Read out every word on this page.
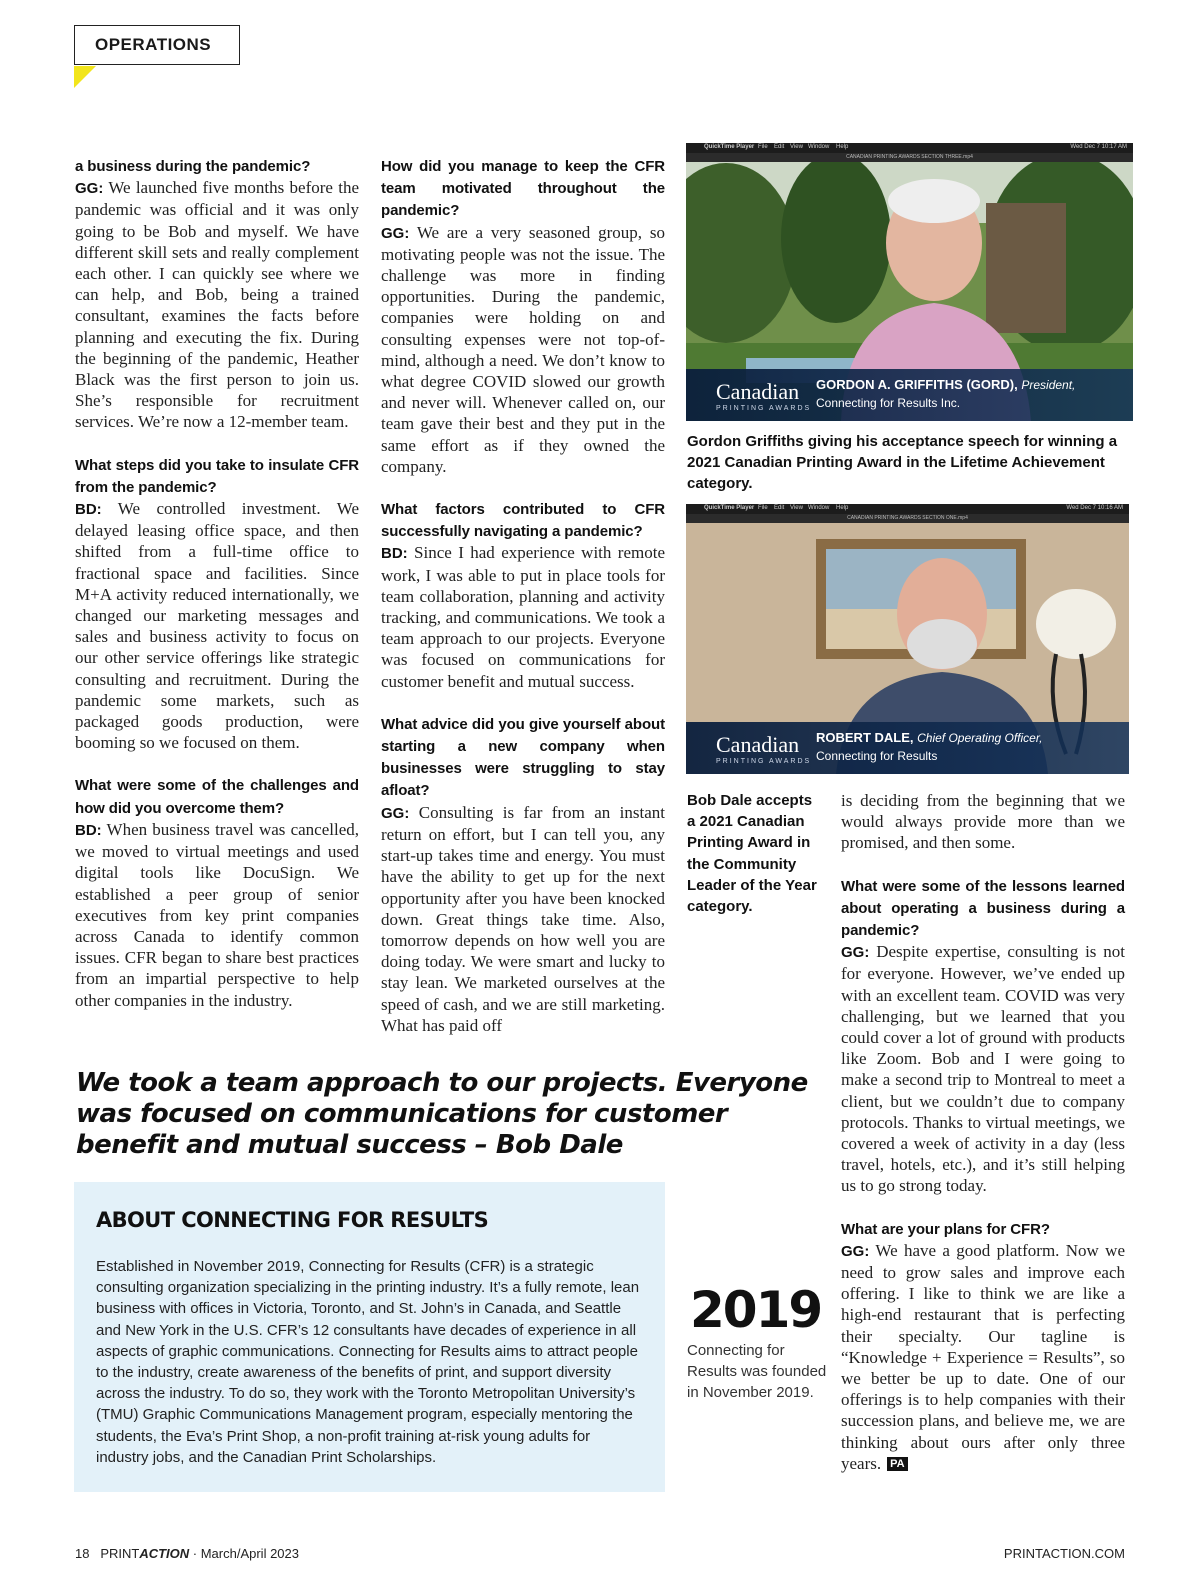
OPERATIONS

a business during the pandemic?
GG: We launched five months before the pandemic was official and it was only going to be Bob and myself. We have different skill sets and really complement each other. I can quickly see where we can help, and Bob, being a trained consultant, examines the facts before planning and executing the fix. During the beginning of the pandemic, Heather Black was the first person to join us. She’s responsible for recruitment services. We’re now a 12-member team.

What steps did you take to insulate CFR from the pandemic?
BD: We controlled investment. We delayed leasing office space, and then shifted from a full-time office to fractional space and facilities. Since M+A activity reduced internationally, we changed our marketing messages and sales and business activity to focus on our other service offerings like strategic consulting and recruitment. During the pandemic some markets, such as packaged goods production, were booming so we focused on them.

What were some of the challenges and how did you overcome them?
BD: When business travel was cancelled, we moved to virtual meetings and used digital tools like DocuSign. We established a peer group of senior executives from key print companies across Canada to identify common issues. CFR began to share best practices from an impartial perspective to help other companies in the industry.

How did you manage to keep the CFR team motivated throughout the pandemic?
GG: We are a very seasoned group, so motivating people was not the issue. The challenge was more in finding opportunities. During the pandemic, companies were holding on and consulting expenses were not top-of-mind, although a need. We don’t know to what degree COVID slowed our growth and never will. Whenever called on, our team gave their best and they put in the same effort as if they owned the company.

What factors contributed to CFR successfully navigating a pandemic?
BD: Since I had experience with remote work, I was able to put in place tools for team collaboration, planning and activity tracking, and communications. We took a team approach to our projects. Everyone was focused on communications for customer benefit and mutual success.

What advice did you give yourself about starting a new company when businesses were struggling to stay afloat?
GG: Consulting is far from an instant return on effort, but I can tell you, any start-up takes time and energy. You must have the ability to get up for the next opportunity after you have been knocked down. Great things take time. Also, tomorrow depends on how well you are doing today. We were smart and lucky to stay lean. We marketed ourselves at the speed of cash, and we are still marketing. What has paid off

QuickTime Player File Edit View Window Help	Wed Dec 7 10:17 AM
CANADIAN PRINTING AWARDS SECTION THREE.mp4
Canadian
PRINTING AWARDS
GORDON A. GRIFFITHS (GORD), President,
Connecting for Results Inc.
Gordon Griffiths giving his acceptance speech for winning a 2021 Canadian Printing Award in the Lifetime Achievement category.
QuickTime Player File Edit View Window Help	Wed Dec 7 10:16 AM
CANADIAN PRINTING AWARDS SECTION ONE.mp4
Canadian
PRINTING AWARDS
ROBERT DALE, Chief Operating Officer,
Connecting for Results
Bob Dale accepts a 2021 Canadian Printing Award in the Community Leader of the Year category.

is deciding from the beginning that we would always provide more than we promised, and then some.

What were some of the lessons learned about operating a business during a pandemic?
GG: Despite expertise, consulting is not for everyone. However, we’ve ended up with an excellent team. COVID was very challenging, but we learned that you could cover a lot of ground with products like Zoom. Bob and I were going to make a second trip to Montreal to meet a client, but we couldn’t due to company protocols. Thanks to virtual meetings, we covered a week of activity in a day (less travel, hotels, etc.), and it’s still helping us to go strong today.

What are your plans for CFR?
GG: We have a good platform. Now we need to grow sales and improve each offering. I like to think we are like a high-end restaurant that is perfecting their specialty. Our tagline is “Knowledge + Experience = Results”, so we better be up to date. One of our offerings is to help companies with their succession plans, and believe me, we are thinking about ours after only three years. PA

We took a team approach to our projects. Everyone was focused on communications for customer benefit and mutual success – Bob Dale
ABOUT CONNECTING FOR RESULTS

Established in November 2019, Connecting for Results (CFR) is a strategic consulting organization specializing in the printing industry. It’s a fully remote, lean business with offices in Victoria, Toronto, and St. John’s in Canada, and Seattle and New York in the U.S. CFR’s 12 consultants have decades of experience in all aspects of graphic communications. Connecting for Results aims to attract people to the industry, create awareness of the benefits of print, and support diversity across the industry. To do so, they work with the Toronto Metropolitan University’s (TMU) Graphic Communications Management program, especially mentoring the students, the Eva’s Print Shop, a non-profit training at-risk young adults for industry jobs, and the Canadian Print Scholarships.

2019
Connecting for Results was founded in November 2019.
18 PRINTACTION · March/April 2023	PRINTACTION.COM
